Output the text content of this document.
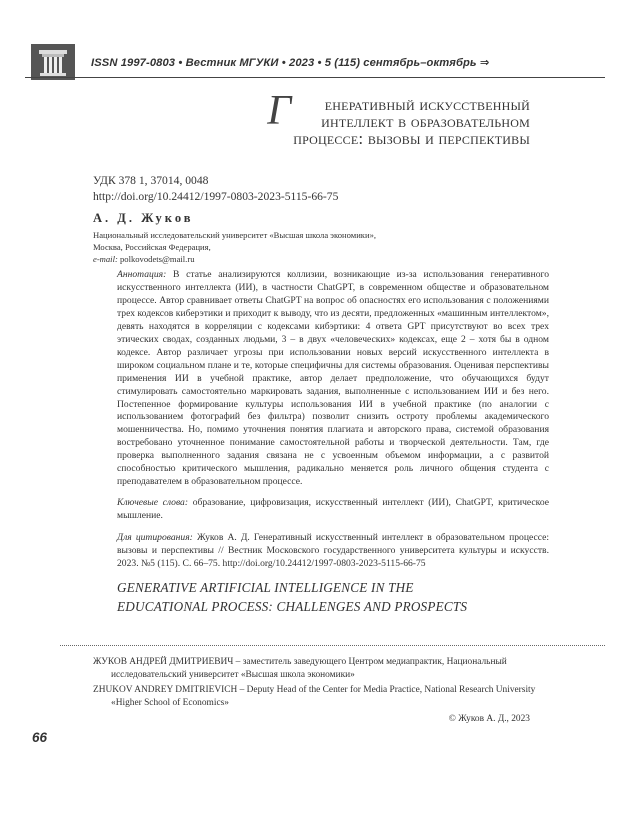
ISSN 1997-0803 • Вестник МГУКИ • 2023 • 5 (115) сентябрь–октябрь ⇒
Г енеративный искусственный
интеллект в образовательном
процессе: вызовы и перспективы
УДК 378 1, 37014, 0048
http://doi.org/10.24412/1997-0803-2023-5115-66-75
А. Д. Жуков
Национальный исследовательский университет «Высшая школа экономики»,
Москва, Российская Федерация,
e-mail: polkovodets@mail.ru

Аннотация: В статье анализируются коллизии, возникающие из-за использования генеративного искусственного интеллекта (ИИ), в частности ChatGPT, в современном обществе и образовательном процессе. Автор сравнивает ответы ChatGPT на вопрос об опасностях его использования с положениями трех кодексов киберэтики и приходит к выводу, что из десяти, предложенных «машинным интеллектом», девять находятся в корреляции с кодексами кибэртики: 4 ответа GPT присутствуют во всех трех этических сводах, созданных людьми, 3 – в двух «человеческих» кодексах, еще 2 – хотя бы в одном кодексе. Автор различает угрозы при использовании новых версий искусственного интеллекта в широком социальном плане и те, которые специфичны для системы образования. Оценивая перспективы применения ИИ в учебной практике, автор делает предположение, что обучающихся будут стимулировать самостоятельно маркировать задания, выполненные с использованием ИИ и без него. Постепенное формирование культуры использования ИИ в учебной практике (по аналогии с использованием фотографий без фильтра) позволит снизить остроту проблемы академического мошенничества. Но, помимо уточнения понятия плагиата и авторского права, системой образования востребовано уточненное понимание самостоятельной работы и творческой деятельности. Там, где проверка выполненного задания связана не с усвоенным объемом информации, а с развитой способностью критического мышления, радикально меняется роль личного общения студента с преподавателем в образовательном процессе.

Ключевые слова: образование, цифровизация, искусственный интеллект (ИИ), ChatGPT, критическое мышление.

Для цитирования: Жуков А. Д. Генеративный искусственный интеллект в образовательном процессе: вызовы и перспективы // Вестник Московского государственного университета культуры и искусств. 2023. №5 (115). С. 66–75. http://doi.org/10.24412/1997-0803-2023-5115-66-75

GENERATIVE ARTIFICIAL INTELLIGENCE IN THE
EDUCATIONAL PROCESS: CHALLENGES AND PROSPECTS
ЖУКОВ АНДРЕЙ ДМИТРИЕВИЧ – заместитель заведующего Центром медиапрактик, Национальный исследовательский университет «Высшая школа экономики»
ZHUKOV ANDREY DMITRIEVICH – Deputy Head of the Center for Media Practice, National Research University «Higher School of Economics»
© Жуков А. Д., 2023
66
